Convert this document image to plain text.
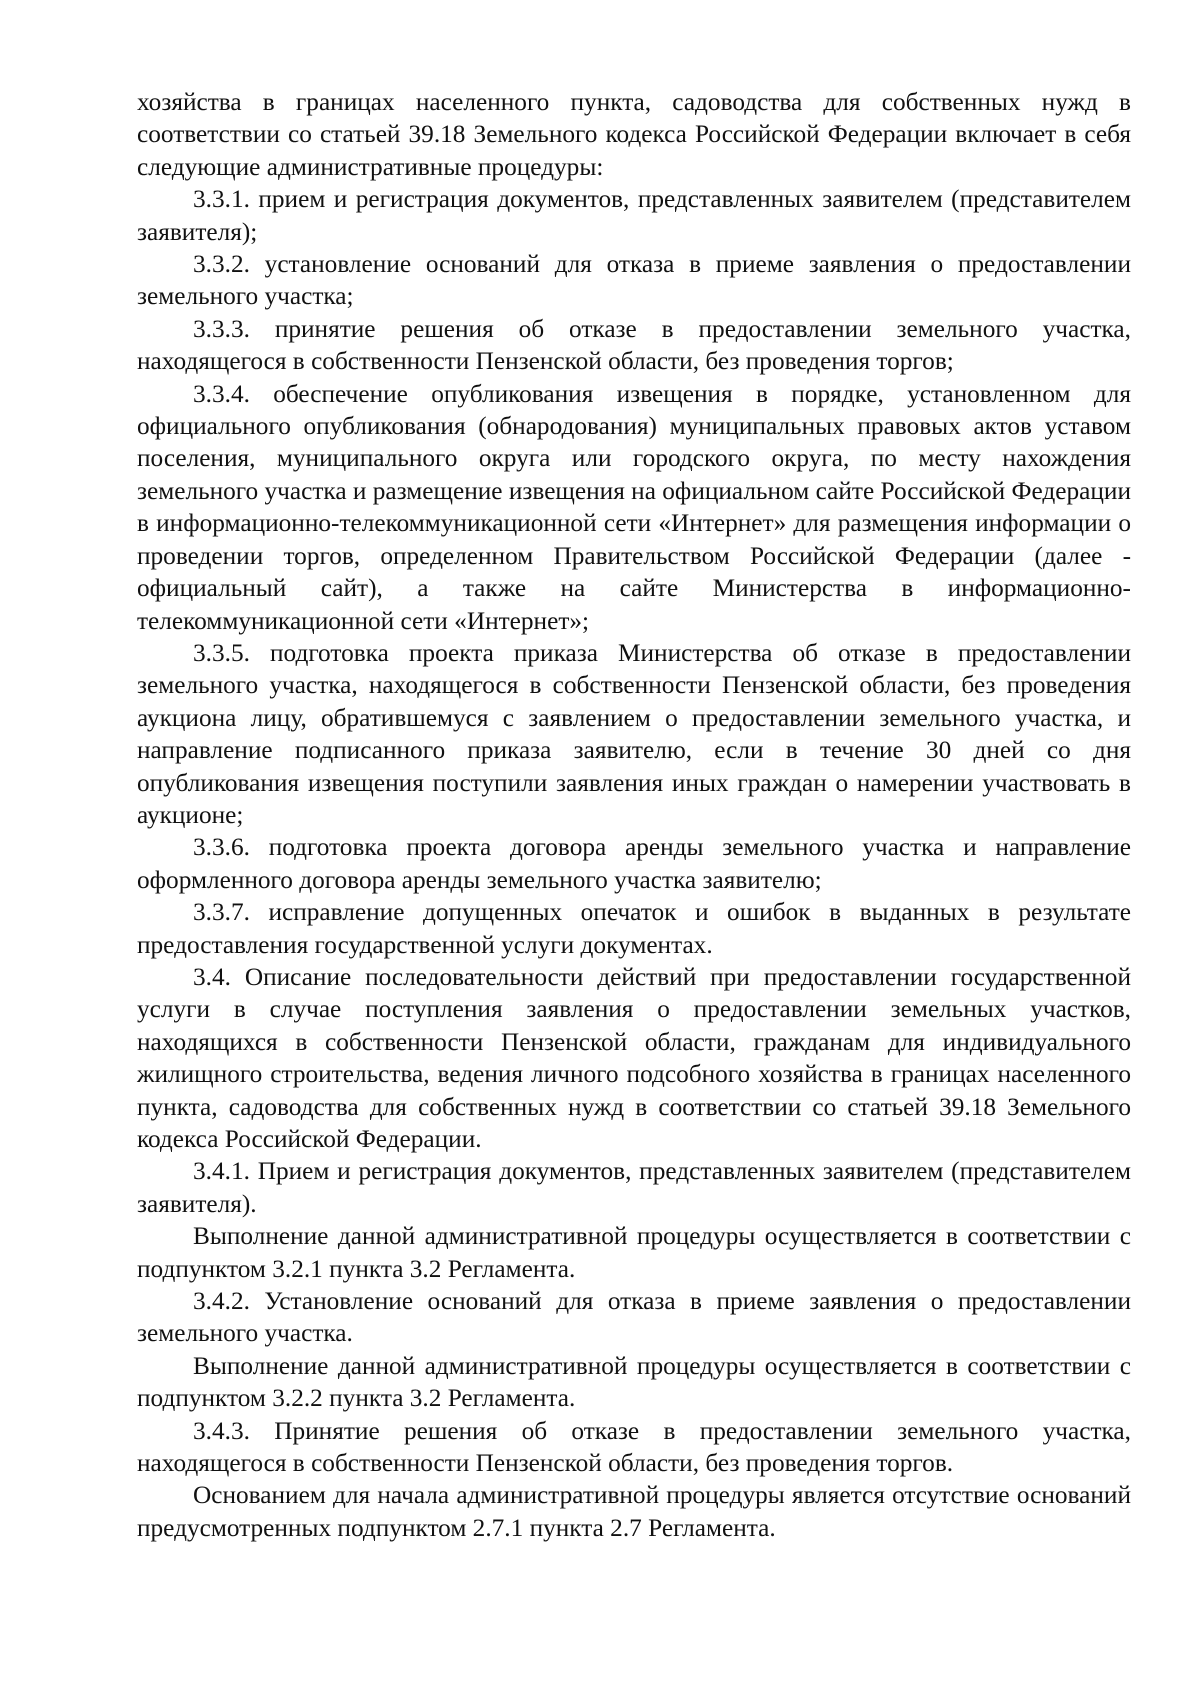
хозяйства в границах населенного пункта, садоводства для собственных нужд в соответствии со статьей 39.18 Земельного кодекса Российской Федерации включает в себя следующие административные процедуры:

3.3.1. прием и регистрация документов, представленных заявителем (представителем заявителя);

3.3.2. установление оснований для отказа в приеме заявления о предоставлении земельного участка;

3.3.3. принятие решения об отказе в предоставлении земельного участка, находящегося в собственности Пензенской области, без проведения торгов;

3.3.4. обеспечение опубликования извещения в порядке, установленном для официального опубликования (обнародования) муниципальных правовых актов уставом поселения, муниципального округа или городского округа, по месту нахождения земельного участка и размещение извещения на официальном сайте Российской Федерации в информационно-телекоммуникационной сети «Интернет» для размещения информации о проведении торгов, определенном Правительством Российской Федерации (далее - официальный сайт), а также на сайте Министерства в информационно-телекоммуникационной сети «Интернет»;

3.3.5. подготовка проекта приказа Министерства об отказе в предоставлении земельного участка, находящегося в собственности Пензенской области, без проведения аукциона лицу, обратившемуся с заявлением о предоставлении земельного участка, и направление подписанного приказа заявителю, если в течение 30 дней со дня опубликования извещения поступили заявления иных граждан о намерении участвовать в аукционе;

3.3.6. подготовка проекта договора аренды земельного участка и направление оформленного договора аренды земельного участка заявителю;

3.3.7. исправление допущенных опечаток и ошибок в выданных в результате предоставления государственной услуги документах.

3.4. Описание последовательности действий при предоставлении государственной услуги в случае поступления заявления о предоставлении земельных участков, находящихся в собственности Пензенской области, гражданам для индивидуального жилищного строительства, ведения личного подсобного хозяйства в границах населенного пункта, садоводства для собственных нужд в соответствии со статьей 39.18 Земельного кодекса Российской Федерации.

3.4.1. Прием и регистрация документов, представленных заявителем (представителем заявителя).

Выполнение данной административной процедуры осуществляется в соответствии с подпунктом 3.2.1 пункта 3.2 Регламента.

3.4.2. Установление оснований для отказа в приеме заявления о предоставлении земельного участка.

Выполнение данной административной процедуры осуществляется в соответствии с подпунктом 3.2.2 пункта 3.2 Регламента.

3.4.3. Принятие решения об отказе в предоставлении земельного участка, находящегося в собственности Пензенской области, без проведения торгов.

Основанием для начала административной процедуры является отсутствие оснований предусмотренных подпунктом 2.7.1 пункта 2.7 Регламента.
